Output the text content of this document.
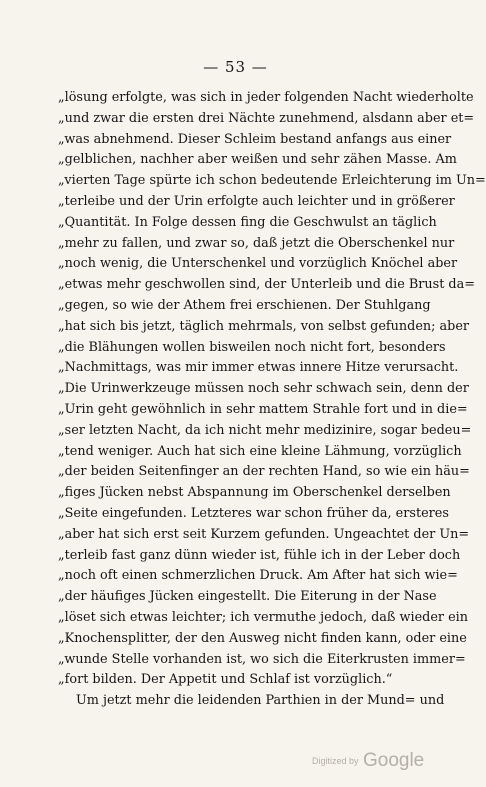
— 53 —
„lösung erfolgte, was sich in jeder folgenden Nacht wiederholte
„und zwar die ersten drei Nächte zunehmend, alsdann aber et=
„was abnehmend. Dieser Schleim bestand anfangs aus einer
„gelblichen, nachher aber weißen und sehr zähen Masse. Am
„vierten Tage spürte ich schon bedeutende Erleichterung im Un=
„terleibe und der Urin erfolgte auch leichter und in größerer
„Quantität. In Folge dessen fing die Geschwulst an täglich
„mehr zu fallen, und zwar so, daß jetzt die Oberschenkel nur
„noch wenig, die Unterschenkel und vorzüglich Knöchel aber
„etwas mehr geschwollen sind, der Unterleib und die Brust da=
„gegen, so wie der Athem frei erschienen. Der Stuhlgang
„hat sich bis jetzt, täglich mehrmals, von selbst gefunden; aber
„die Blähungen wollen bisweilen noch nicht fort, besonders
„Nachmittags, was mir immer etwas innere Hitze verursacht.
„Die Urinwerkzeuge müssen noch sehr schwach sein, denn der
„Urin geht gewöhnlich in sehr mattem Strahle fort und in die=
„ser letzten Nacht, da ich nicht mehr medizinire, sogar bedeu=
„tend weniger. Auch hat sich eine kleine Lähmung, vorzüglich
„der beiden Seitenfinger an der rechten Hand, so wie ein häu=
„figes Jücken nebst Abspannung im Oberschenkel derselben
„Seite eingefunden. Letzteres war schon früher da, ersteres
„aber hat sich erst seit Kurzem gefunden. Ungeachtet der Un=
„terleib fast ganz dünn wieder ist, fühle ich in der Leber doch
„noch oft einen schmerzlichen Druck. Am After hat sich wie=
„der häufiges Jücken eingestellt. Die Eiterung in der Nase
„löset sich etwas leichter; ich vermuthe jedoch, daß wieder ein
„Knochensplitter, der den Ausweg nicht finden kann, oder eine
„wunde Stelle vorhanden ist, wo sich die Eiterkrusten immer=
„fort bilden. Der Appetit und Schlaf ist vorzüglich.“
Um jetzt mehr die leidenden Parthien in der Mund= und
Digitized by Google
